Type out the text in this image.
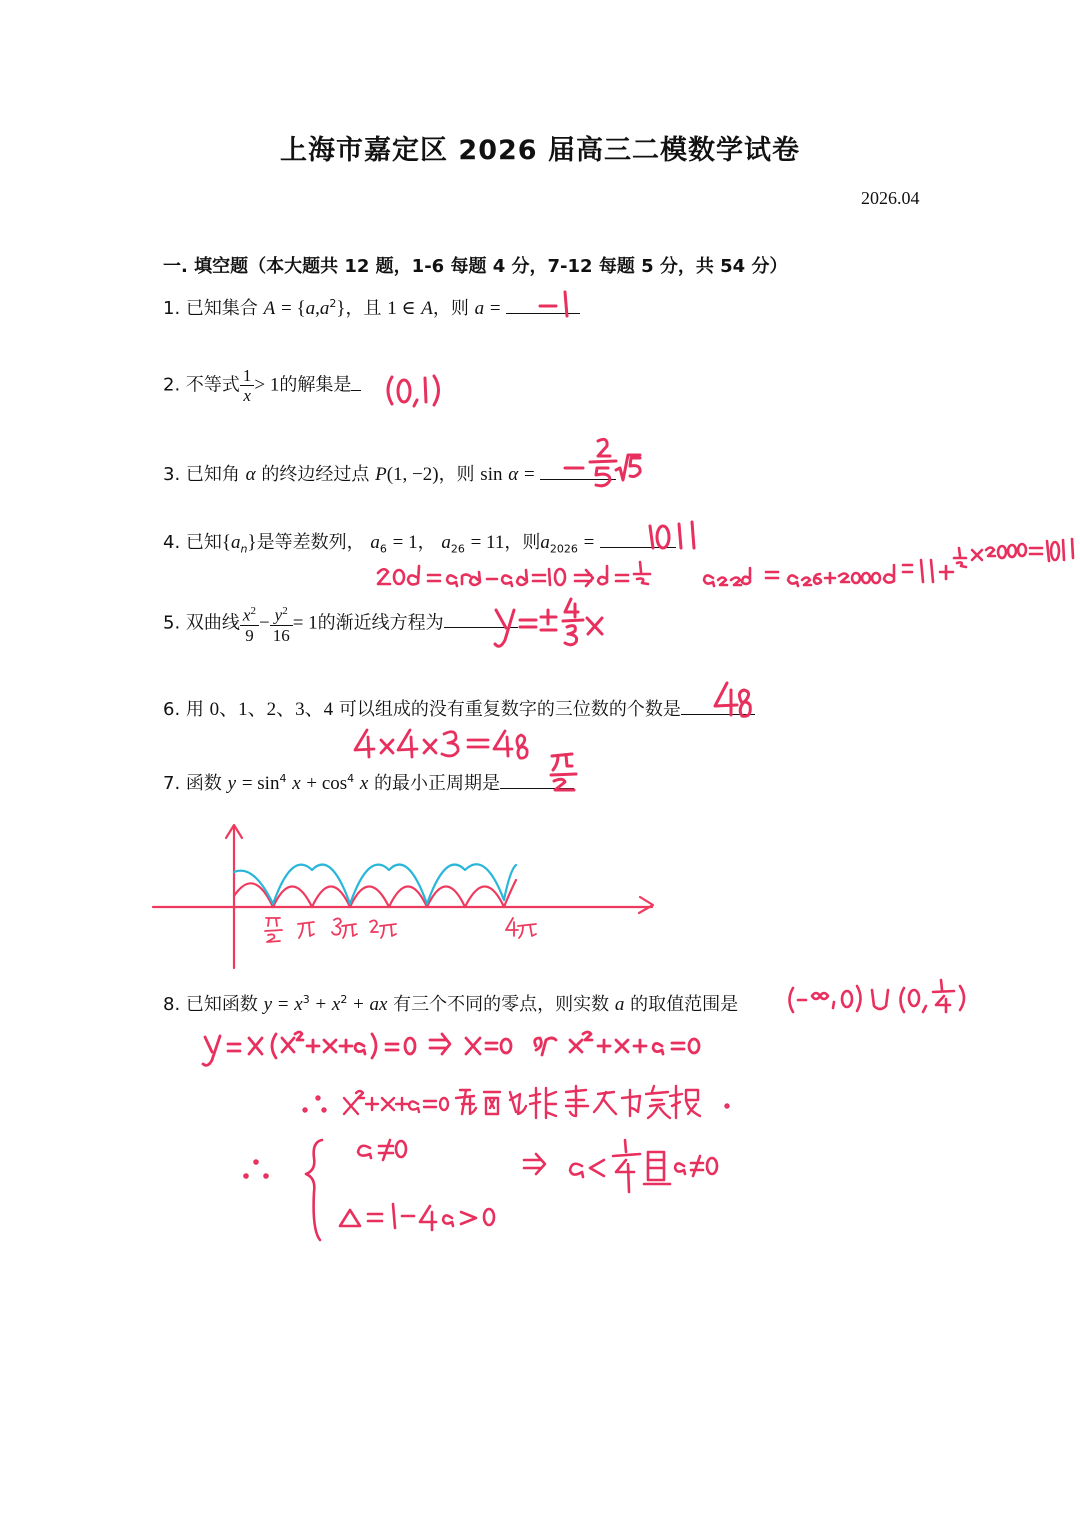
上海市嘉定区 2026 届高三二模数学试卷
2026.04
一. 填空题（本大题共 12 题，1-6 每题 4 分，7-12 每题 5 分，共 54 分）
1. 已知集合 $A = \{a,a^2\}$，且 1 ∈ A，则 a =
2. 不等式 $\frac{1}{x} > 1$的解集是
3. 已知角 α 的终边经过点 P(1, −2)，则 sin α =
4. 已知$\{a_n\}$是等差数列， $a_6 = 1$， $a_{26} = 11$，则$a_{2026}$ =
5. 双曲线 $\frac{x^2}{9} - \frac{y^2}{16} = 1$的渐近线方程为
6. 用 0、1、2、3、4 可以组成的没有重复数字的三位数的个数是
7. 函数 $y = \sin^4 x + \cos^4 x$ 的最小正周期是
8. 已知函数 $y = x^3 + x^2$ + ax 有三个不同的零点，则实数 a 的取值范围是
